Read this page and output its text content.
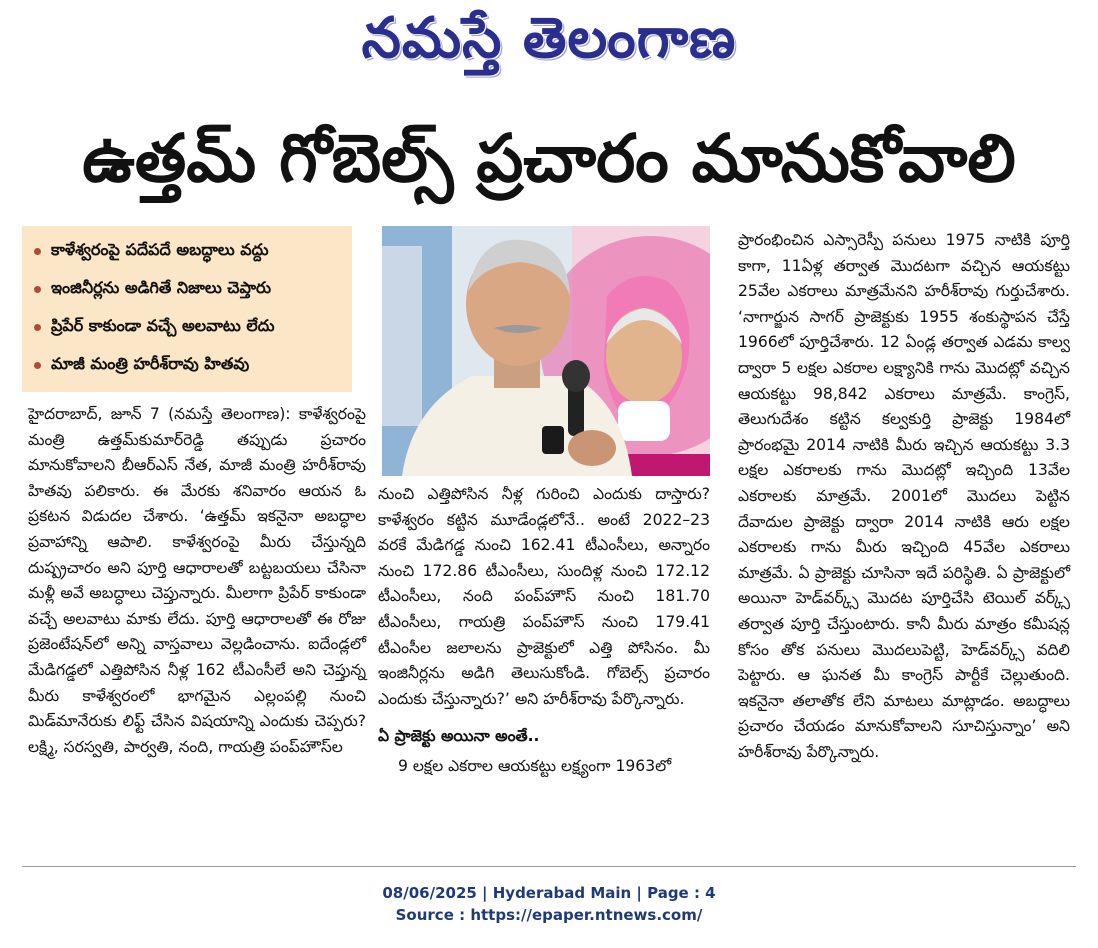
నమస్తే తెలంగాణ
ఉత్తమ్ గోబెల్స్ ప్రచారం మానుకోవాలి
కాళేశ్వరంపై పదేపదే అబద్ధాలు వద్దు
ఇంజినీర్లను అడిగితే నిజాలు చెప్తారు
ప్రిపేర్ కాకుండా వచ్చే అలవాటు లేదు
మాజీ మంత్రి హరీశ్‌రావు హితవు

హైదరాబాద్, జూన్ 7 (నమస్తే తెలంగాణ): కాళేశ్వరంపై మంత్రి ఉత్తమ్‌కుమార్‌రెడ్డి తప్పుడు ప్రచారం మానుకోవాలని బీఆర్‌ఎస్ నేత, మాజీ మంత్రి హరీశ్‌రావు హితవు పలికారు. ఈ మేరకు శనివారం ఆయన ఓ ప్రకటన విడుదల చేశారు. ‘ఉత్తమ్ ఇకనైనా అబద్ధాల ప్రవాహాన్ని ఆపాలి. కాళేశ్వరంపై మీరు చేస్తున్నది దుష్ప్రచారం అని పూర్తి ఆధారాలతో బట్టబయలు చేసినా మళ్లీ అవే అబద్ధాలు చెప్తున్నారు. మీలాగా ప్రిపేర్ కాకుండా వచ్చే అలవాటు మాకు లేదు. పూర్తి ఆధారాలతో ఈ రోజు ప్రజెంటేషన్‌లో అన్ని వాస్తవాలు వెల్లడించాను. ఐదేండ్లలో మేడిగడ్డలో ఎత్తిపోసిన నీళ్ల 162 టీఎంసీలే అని చెప్తున్న మీరు కాళేశ్వరంలో భాగమైన ఎల్లంపల్లి నుంచి మిడ్‌మానేరుకు లిఫ్ట్ చేసిన విషయాన్ని ఎందుకు చెప్పరు? లక్ష్మి, సరస్వతి, పార్వతి, నంది, గాయత్రి పంప్‌హౌస్‌ల

నుంచి ఎత్తిపోసిన నీళ్ల గురించి ఎందుకు దాస్తారు? కాళేశ్వరం కట్టిన మూడేండ్లలోనే.. అంటే 2022–23 వరకే మేడిగడ్డ నుంచి 162.41 టీఎంసీలు, అన్నారం నుంచి 172.86 టీఎంసీలు, సుందిళ్ల నుంచి 172.12 టీఎంసీలు, నంది పంప్‌హౌస్ నుంచి 181.70 టీఎంసీలు, గాయత్రి పంప్‌హౌస్ నుంచి 179.41 టీఎంసీల జలాలను ప్రాజెక్టులో ఎత్తి పోసినం. మీ ఇంజినీర్లను అడిగి తెలుసుకోండి. గోబెల్స్ ప్రచారం ఎందుకు చేస్తున్నారు?’ అని హరీశ్‌రావు పేర్కొన్నారు.

ఏ ప్రాజెక్టు అయినా అంతే..
9 లక్షల ఎకరాల ఆయకట్టు లక్ష్యంగా 1963లో

ప్రారంభించిన ఎస్సారెస్పీ పనులు 1975 నాటికి పూర్తి కాగా, 11ఏళ్ల తర్వాత మొదటగా వచ్చిన ఆయకట్టు 25వేల ఎకరాలు మాత్రమేనని హరీశ్‌రావు గుర్తుచేశారు. ‘నాగార్జున సాగర్ ప్రాజెక్టుకు 1955 శంకుస్థాపన చేస్తే 1966లో పూర్తిచేశారు. 12 ఏండ్ల తర్వాత ఎడమ కాల్వ ద్వారా 5 లక్షల ఎకరాల లక్ష్యానికి గాను మొదట్లో వచ్చిన ఆయకట్టు 98,842 ఎకరాలు మాత్రమే. కాంగ్రెస్, తెలుగుదేశం కట్టిన కల్వకుర్తి ప్రాజెక్టు 1984లో ప్రారంభమై 2014 నాటికి మీరు ఇచ్చిన ఆయకట్టు 3.3 లక్షల ఎకరాలకు గాను మొదట్లో ఇచ్చింది 13వేల ఎకరాలకు మాత్రమే. 2001లో మొదలు పెట్టిన దేవాదుల ప్రాజెక్టు ద్వారా 2014 నాటికి ఆరు లక్షల ఎకరాలకు గాను మీరు ఇచ్చింది 45వేల ఎకరాలు మాత్రమే. ఏ ప్రాజెక్టు చూసినా ఇదే పరిస్థితి. ఏ ప్రాజెక్టులో అయినా హెడ్‌వర్క్స్ మొదట పూర్తిచేసి టెయిల్ వర్క్స్ తర్వాత పూర్తి చేస్తుంటారు. కానీ మీరు మాత్రం కమీషన్ల కోసం తోక పనులు మొదలుపెట్టి, హెడ్‌వర్క్స్ వదిలి పెట్టారు. ఆ ఘనత మీ కాంగ్రెస్ పార్టీకే చెల్లుతుంది. ఇకనైనా తలాతోక లేని మాటలు మాట్లాడం. అబద్ధాలు ప్రచారం చేయడం మానుకోవాలని సూచిస్తున్నాం’ అని హరీశ్‌రావు పేర్కొన్నారు.

08/06/2025 | Hyderabad Main | Page : 4
Source : https://epaper.ntnews.com/
